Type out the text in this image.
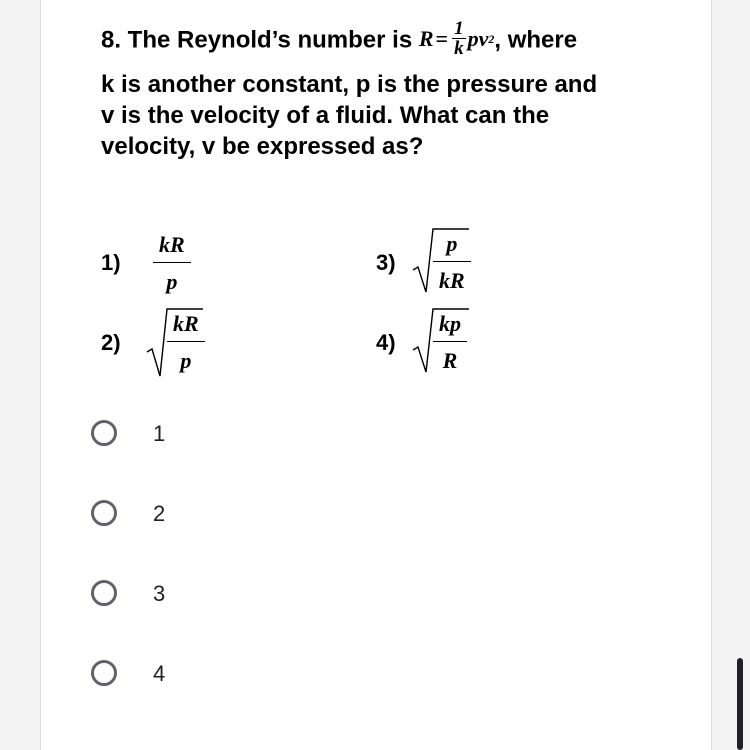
8. The Reynold’s number is $R = \frac{1}{k}$ pv 2 , where
k is another constant, p is the pressure and
v is the velocity of a fluid. What can the
velocity, v be expressed as?
$1) \frac{kR}{p}$
$2) \frac{kR}{p}$
$3) \frac{p}{kR}$
$4) \frac{kp}{R}$
1
2
3
4
